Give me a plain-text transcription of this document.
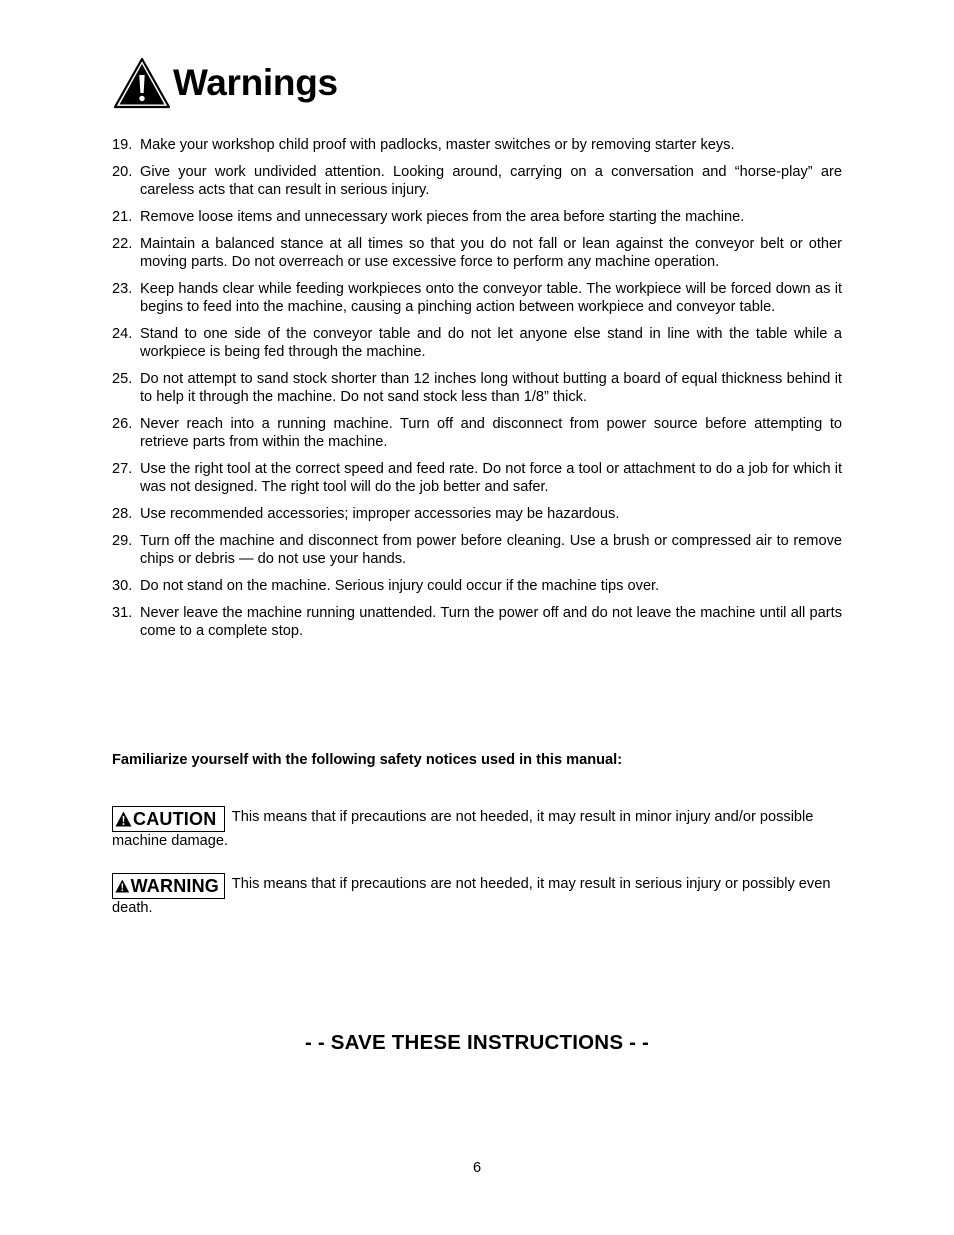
Warnings
19. Make your workshop child proof with padlocks, master switches or by removing starter keys.
20. Give your work undivided attention. Looking around, carrying on a conversation and “horse-play” are careless acts that can result in serious injury.
21. Remove loose items and unnecessary work pieces from the area before starting the machine.
22. Maintain a balanced stance at all times so that you do not fall or lean against the conveyor belt or other moving parts. Do not overreach or use excessive force to perform any machine operation.
23. Keep hands clear while feeding workpieces onto the conveyor table. The workpiece will be forced down as it begins to feed into the machine, causing a pinching action between workpiece and conveyor table.
24. Stand to one side of the conveyor table and do not let anyone else stand in line with the table while a workpiece is being fed through the machine.
25. Do not attempt to sand stock shorter than 12 inches long without butting a board of equal thickness behind it to help it through the machine. Do not sand stock less than 1/8” thick.
26. Never reach into a running machine. Turn off and disconnect from power source before attempting to retrieve parts from within the machine.
27. Use the right tool at the correct speed and feed rate. Do not force a tool or attachment to do a job for which it was not designed. The right tool will do the job better and safer.
28. Use recommended accessories; improper accessories may be hazardous.
29. Turn off the machine and disconnect from power before cleaning. Use a brush or compressed air to remove chips or debris — do not use your hands.
30. Do not stand on the machine. Serious injury could occur if the machine tips over.
31. Never leave the machine running unattended. Turn the power off and do not leave the machine until all parts come to a complete stop.
Familiarize yourself with the following safety notices used in this manual:
CAUTION This means that if precautions are not heeded, it may result in minor injury and/or possible machine damage.
WARNING This means that if precautions are not heeded, it may result in serious injury or possibly even death.
- - SAVE THESE INSTRUCTIONS - -
6
